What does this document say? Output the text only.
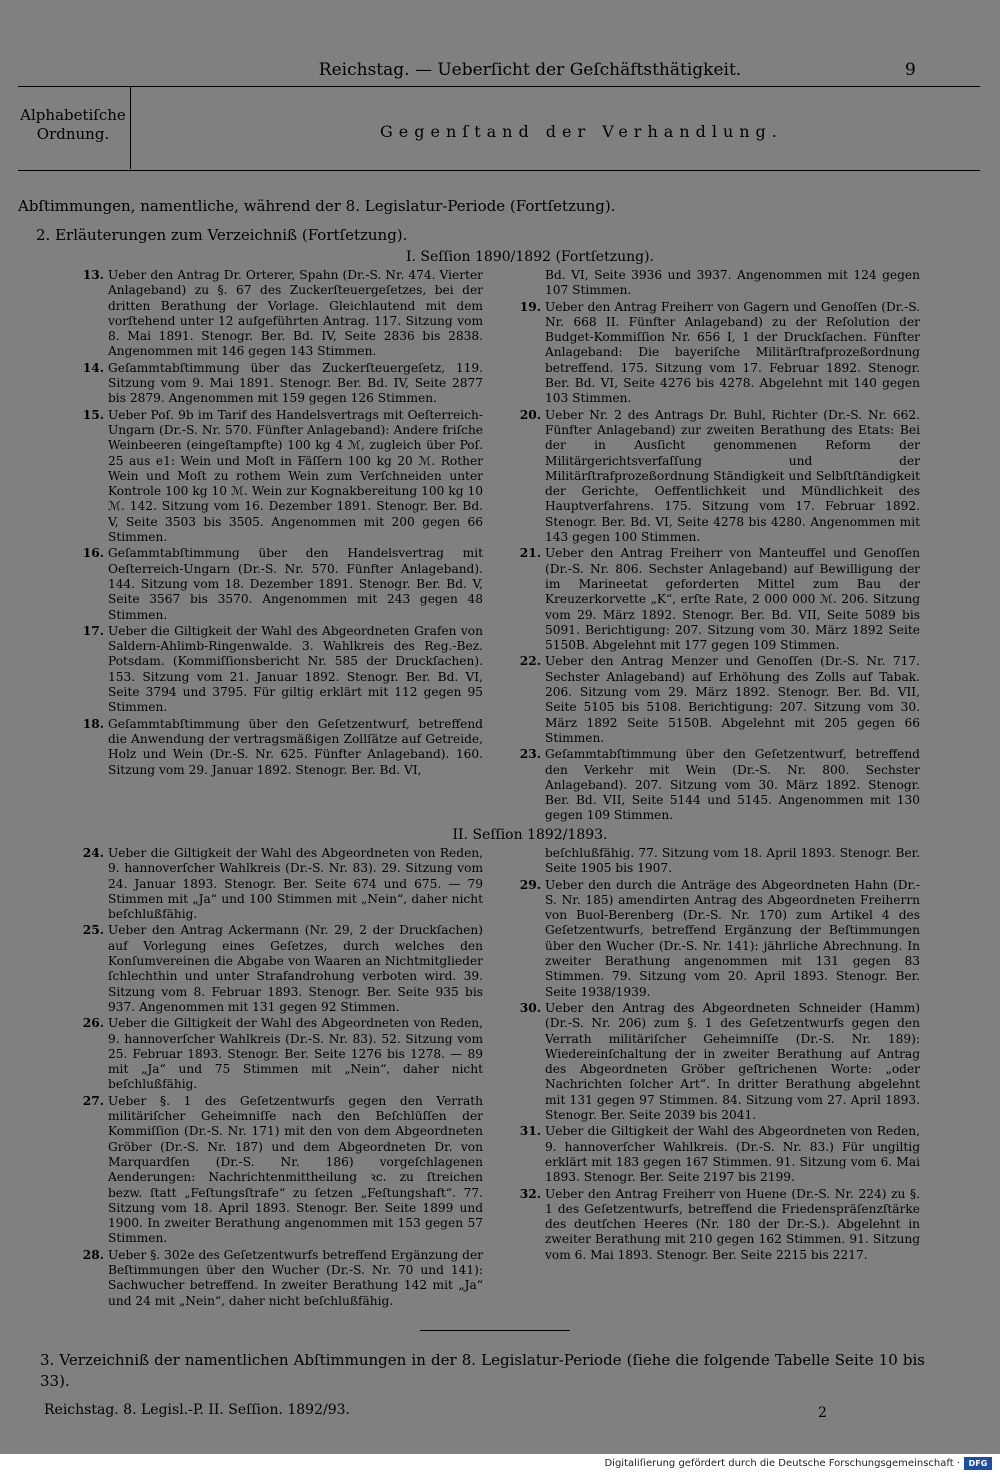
Reichstag. — Ueberſicht der Geſchäftsthätigkeit.	9
Alphabetiſche
Ordnung.	Gegenſtand der Verhandlung.
Abſtimmungen, namentliche, während der 8. Legislatur-Periode (Fortſetzung).
2. Erläuterungen zum Verzeichniß (Fortſetzung).
I. Seſſion 1890/1892 (Fortſetzung).
13. Ueber den Antrag Dr. Orterer, Spahn (Dr.-S. Nr. 474. Vierter Anlageband) zu §. 67 des Zuckerſteuergeſetzes, bei der dritten Berathung der Vorlage. Gleichlautend mit dem vorſtehend unter 12 aufgeführten Antrag. 117. Sitzung vom 8. Mai 1891. Stenogr. Ber. Bd. IV, Seite 2836 bis 2838. Angenommen mit 146 gegen 143 Stimmen.
14. Geſammtabſtimmung über das Zuckerſteuergeſetz, 119. Sitzung vom 9. Mai 1891. Stenogr. Ber. Bd. IV, Seite 2877 bis 2879. Angenommen mit 159 gegen 126 Stimmen.
15. Ueber Poſ. 9b im Tarif des Handelsvertrags mit Oeſterreich-Ungarn (Dr.-S. Nr. 570. Fünfter Anlageband): Andere friſche Weinbeeren (eingeſtampfte) 100 kg 4 ℳ, zugleich über Poſ. 25 aus e1: Wein und Moſt in Fäſſern 100 kg 20 ℳ. Rother Wein und Moſt zu rothem Wein zum Verſchneiden unter Kontrole 100 kg 10 ℳ. Wein zur Kognakbereitung 100 kg 10 ℳ. 142. Sitzung vom 16. Dezember 1891. Stenogr. Ber. Bd. V, Seite 3503 bis 3505. Angenommen mit 200 gegen 66 Stimmen.
16. Geſammtabſtimmung über den Handelsvertrag mit Oeſterreich-Ungarn (Dr.-S. Nr. 570. Fünfter Anlageband). 144. Sitzung vom 18. Dezember 1891. Stenogr. Ber. Bd. V, Seite 3567 bis 3570. Angenommen mit 243 gegen 48 Stimmen.
17. Ueber die Giltigkeit der Wahl des Abgeordneten Grafen von Saldern-Ahlimb-Ringenwalde. 3. Wahlkreis des Reg.-Bez. Potsdam. (Kommiſſionsbericht Nr. 585 der Druckſachen). 153. Sitzung vom 21. Januar 1892. Stenogr. Ber. Bd. VI, Seite 3794 und 3795. Für giltig erklärt mit 112 gegen 95 Stimmen.
18. Geſammtabſtimmung über den Geſetzentwurf, betreffend die Anwendung der vertragsmäßigen Zollſätze auf Getreide, Holz und Wein (Dr.-S. Nr. 625. Fünfter Anlageband). 160. Sitzung vom 29. Januar 1892. Stenogr. Ber. Bd. VI,
Bd. VI, Seite 3936 und 3937. Angenommen mit 124 gegen 107 Stimmen.
19. Ueber den Antrag Freiherr von Gagern und Genoſſen (Dr.-S. Nr. 668 II. Fünfter Anlageband) zu der Reſolution der Budget-Kommiſſion Nr. 656 I, 1 der Druckſachen. Fünfter Anlageband: Die bayeriſche Militärſtrafprozeßordnung betreffend. 175. Sitzung vom 17. Februar 1892. Stenogr. Ber. Bd. VI, Seite 4276 bis 4278. Abgelehnt mit 140 gegen 103 Stimmen.
20. Ueber Nr. 2 des Antrags Dr. Buhl, Richter (Dr.-S. Nr. 662. Fünfter Anlageband) zur zweiten Berathung des Etats: Bei der in Ausſicht genommenen Reform der Militärgerichtsverfaſſung und der Militärſtrafprozeßordnung Ständigkeit und Selbſtſtändigkeit der Gerichte, Oeffentlichkeit und Mündlichkeit des Hauptverfahrens. 175. Sitzung vom 17. Februar 1892. Stenogr. Ber. Bd. VI, Seite 4278 bis 4280. Angenommen mit 143 gegen 100 Stimmen.
21. Ueber den Antrag Freiherr von Manteuffel und Genoſſen (Dr.-S. Nr. 806. Sechster Anlageband) auf Bewilligung der im Marineetat geforderten Mittel zum Bau der Kreuzerkorvette „K“, erſte Rate, 2 000 000 ℳ. 206. Sitzung vom 29. März 1892. Stenogr. Ber. Bd. VII, Seite 5089 bis 5091. Berichtigung: 207. Sitzung vom 30. März 1892 Seite 5150B. Abgelehnt mit 177 gegen 109 Stimmen.
22. Ueber den Antrag Menzer und Genoſſen (Dr.-S. Nr. 717. Sechster Anlageband) auf Erhöhung des Zolls auf Tabak. 206. Sitzung vom 29. März 1892. Stenogr. Ber. Bd. VII, Seite 5105 bis 5108. Berichtigung: 207. Sitzung vom 30. März 1892 Seite 5150B. Abgelehnt mit 205 gegen 66 Stimmen.
23. Geſammtabſtimmung über den Geſetzentwurf, betreffend den Verkehr mit Wein (Dr.-S. Nr. 800. Sechster Anlageband). 207. Sitzung vom 30. März 1892. Stenogr. Ber. Bd. VII, Seite 5144 und 5145. Angenommen mit 130 gegen 109 Stimmen.
II. Seſſion 1892/1893.
24. Ueber die Giltigkeit der Wahl des Abgeordneten von Reden, 9. hannoverſcher Wahlkreis (Dr.-S. Nr. 83). 29. Sitzung vom 24. Januar 1893. Stenogr. Ber. Seite 674 und 675. — 79 Stimmen mit „Ja“ und 100 Stimmen mit „Nein“, daher nicht beſchlußfähig.
25. Ueber den Antrag Ackermann (Nr. 29, 2 der Druckſachen) auf Vorlegung eines Geſetzes, durch welches den Konſumvereinen die Abgabe von Waaren an Nichtmitglieder ſchlechthin und unter Strafandrohung verboten wird. 39. Sitzung vom 8. Februar 1893. Stenogr. Ber. Seite 935 bis 937. Angenommen mit 131 gegen 92 Stimmen.
26. Ueber die Giltigkeit der Wahl des Abgeordneten von Reden, 9. hannoverſcher Wahlkreis (Dr.-S. Nr. 83). 52. Sitzung vom 25. Februar 1893. Stenogr. Ber. Seite 1276 bis 1278. — 89 mit „Ja“ und 75 Stimmen mit „Nein“, daher nicht beſchlußfähig.
27. Ueber §. 1 des Geſetzentwurfs gegen den Verrath militäriſcher Geheimniſſe nach den Beſchlüſſen der Kommiſſion (Dr.-S. Nr. 171) mit den von dem Abgeordneten Gröber (Dr.-S. Nr. 187) und dem Abgeordneten Dr. von Marquardſen (Dr.-S. Nr. 186) vorgeſchlagenen Aenderungen: Nachrichtenmittheilung ꝛc. zu ſtreichen bezw. ſtatt „Feſtungsſtrafe“ zu ſetzen „Feſtungshaft“. 77. Sitzung vom 18. April 1893. Stenogr. Ber. Seite 1899 und 1900. In zweiter Berathung angenommen mit 153 gegen 57 Stimmen.
28. Ueber §. 302e des Geſetzentwurfs betreffend Ergänzung der Beſtimmungen über den Wucher (Dr.-S. Nr. 70 und 141): Sachwucher betreffend. In zweiter Berathung 142 mit „Ja“ und 24 mit „Nein“, daher nicht beſchlußfähig.
beſchlußfähig. 77. Sitzung vom 18. April 1893. Stenogr. Ber. Seite 1905 bis 1907.
29. Ueber den durch die Anträge des Abgeordneten Hahn (Dr.-S. Nr. 185) amendirten Antrag des Abgeordneten Freiherrn von Buol-Berenberg (Dr.-S. Nr. 170) zum Artikel 4 des Geſetzentwurfs, betreffend Ergänzung der Beſtimmungen über den Wucher (Dr.-S. Nr. 141): jährliche Abrechnung. In zweiter Berathung angenommen mit 131 gegen 83 Stimmen. 79. Sitzung vom 20. April 1893. Stenogr. Ber. Seite 1938/1939.
30. Ueber den Antrag des Abgeordneten Schneider (Hamm) (Dr.-S. Nr. 206) zum §. 1 des Geſetzentwurfs gegen den Verrath militäriſcher Geheimniſſe (Dr.-S. Nr. 189): Wiedereinſchaltung der in zweiter Berathung auf Antrag des Abgeordneten Gröber geſtrichenen Worte: „oder Nachrichten ſolcher Art“. In dritter Berathung abgelehnt mit 131 gegen 97 Stimmen. 84. Sitzung vom 27. April 1893. Stenogr. Ber. Seite 2039 bis 2041.
31. Ueber die Giltigkeit der Wahl des Abgeordneten von Reden, 9. hannoverſcher Wahlkreis. (Dr.-S. Nr. 83.) Für ungiltig erklärt mit 183 gegen 167 Stimmen. 91. Sitzung vom 6. Mai 1893. Stenogr. Ber. Seite 2197 bis 2199.
32. Ueber den Antrag Freiherr von Huene (Dr.-S. Nr. 224) zu §. 1 des Geſetzentwurfs, betreffend die Friedenspräſenzſtärke des deutſchen Heeres (Nr. 180 der Dr.-S.). Abgelehnt in zweiter Berathung mit 210 gegen 162 Stimmen. 91. Sitzung vom 6. Mai 1893. Stenogr. Ber. Seite 2215 bis 2217.
3. Verzeichniß der namentlichen Abſtimmungen in der 8. Legislatur-Periode (ſiehe die folgende Tabelle Seite 10 bis 33).
Reichstag. 8. Legisl.-P. II. Seſſion. 1892/93.	2
Digitaliſierung gefördert durch die Deutsche Forschungsgemeinschaft ·	DFG
